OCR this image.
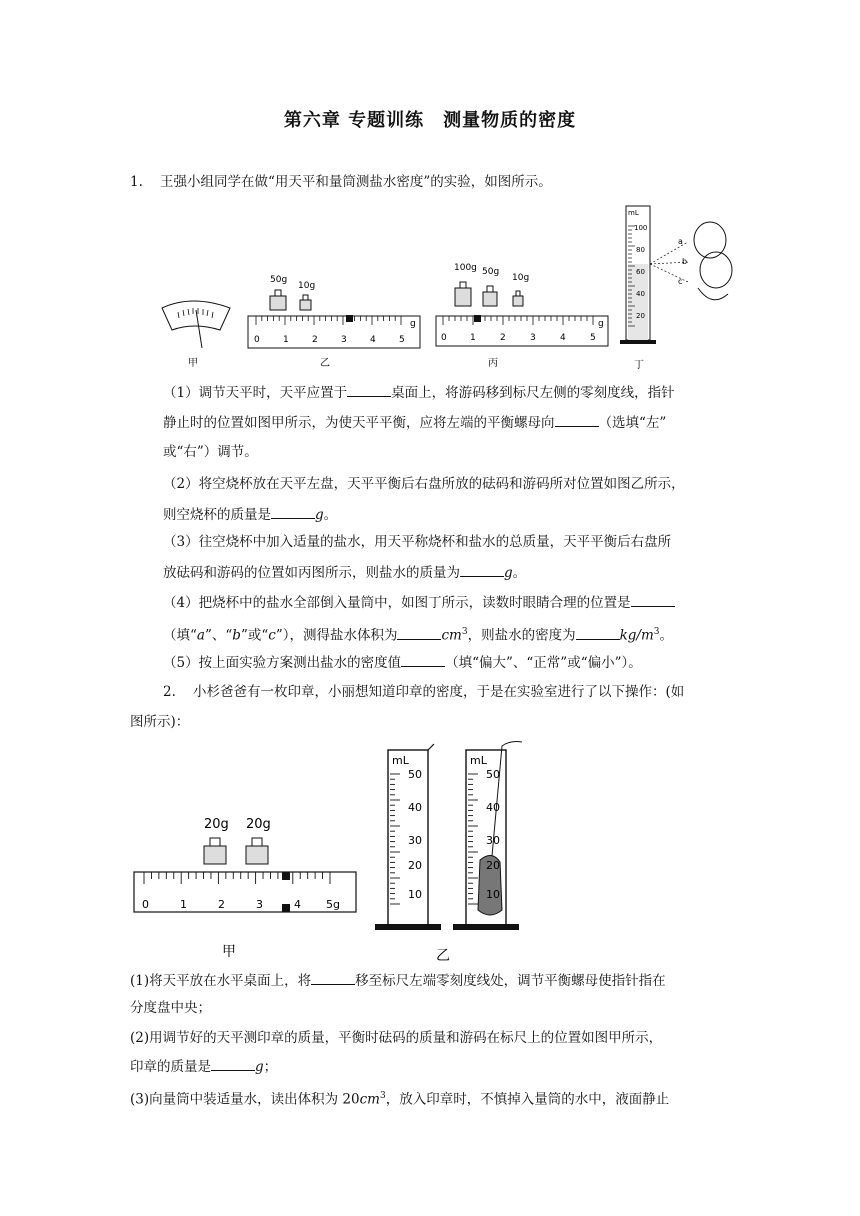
第六章 专题训练　测量物质的密度
1. 王强小组同学在做“用天平和量筒测盐水密度”的实验，如图所示。
甲
0	1	2	3	4	5
g
50g
10g
乙
0	1	2	3	4	5
g
100g 50g
10g
丙
mL
100
80
60
40
20
a
b
c
丁
（1）调节天平时，天平应置于	桌面上，将游码移到标尺左侧的零刻度线，指针
静止时的位置如图甲所示，为使天平平衡，应将左端的平衡螺母向	（选填“左”
或“右”）调节。
（2）将空烧杯放在天平左盘，天平平衡后右盘所放的砝码和游码所对位置如图乙所示，
则空烧杯的质量是	g。
（3）往空烧杯中加入适量的盐水，用天平称烧杯和盐水的总质量，天平平衡后右盘所
放砝码和游码的位置如丙图所示，则盐水的质量为	g。
（4）把烧杯中的盐水全部倒入量筒中，如图丁所示，读数时眼睛合理的位置是
（填“a”、“b”或“c”），测得盐水体积为	$cm^3$，则盐水的密度为	$kg/m^3$。
（5）按上面实验方案测出盐水的密度值	（填“偏大”、“正常”或“偏小”）。
2. 小杉爸爸有一枚印章，小丽想知道印章的密度，于是在实验室进行了以下操作：(如
图所示)：
0	1	2	3	4 5g
20g 20g
甲
mL
50
40
30
20
10
mL
50
40
30
20
10
乙
(1)将天平放在水平桌面上，将	移至标尺左端零刻度线处，调节平衡螺母使指针指在
分度盘中央；
(2)用调节好的天平测印章的质量，平衡时砝码的质量和游码在标尺上的位置如图甲所示，
印章的质量是	g；
(3)向量筒中装适量水，读出体积为 $20cm^3$，放入印章时，不慎掉入量筒的水中，液面静止
